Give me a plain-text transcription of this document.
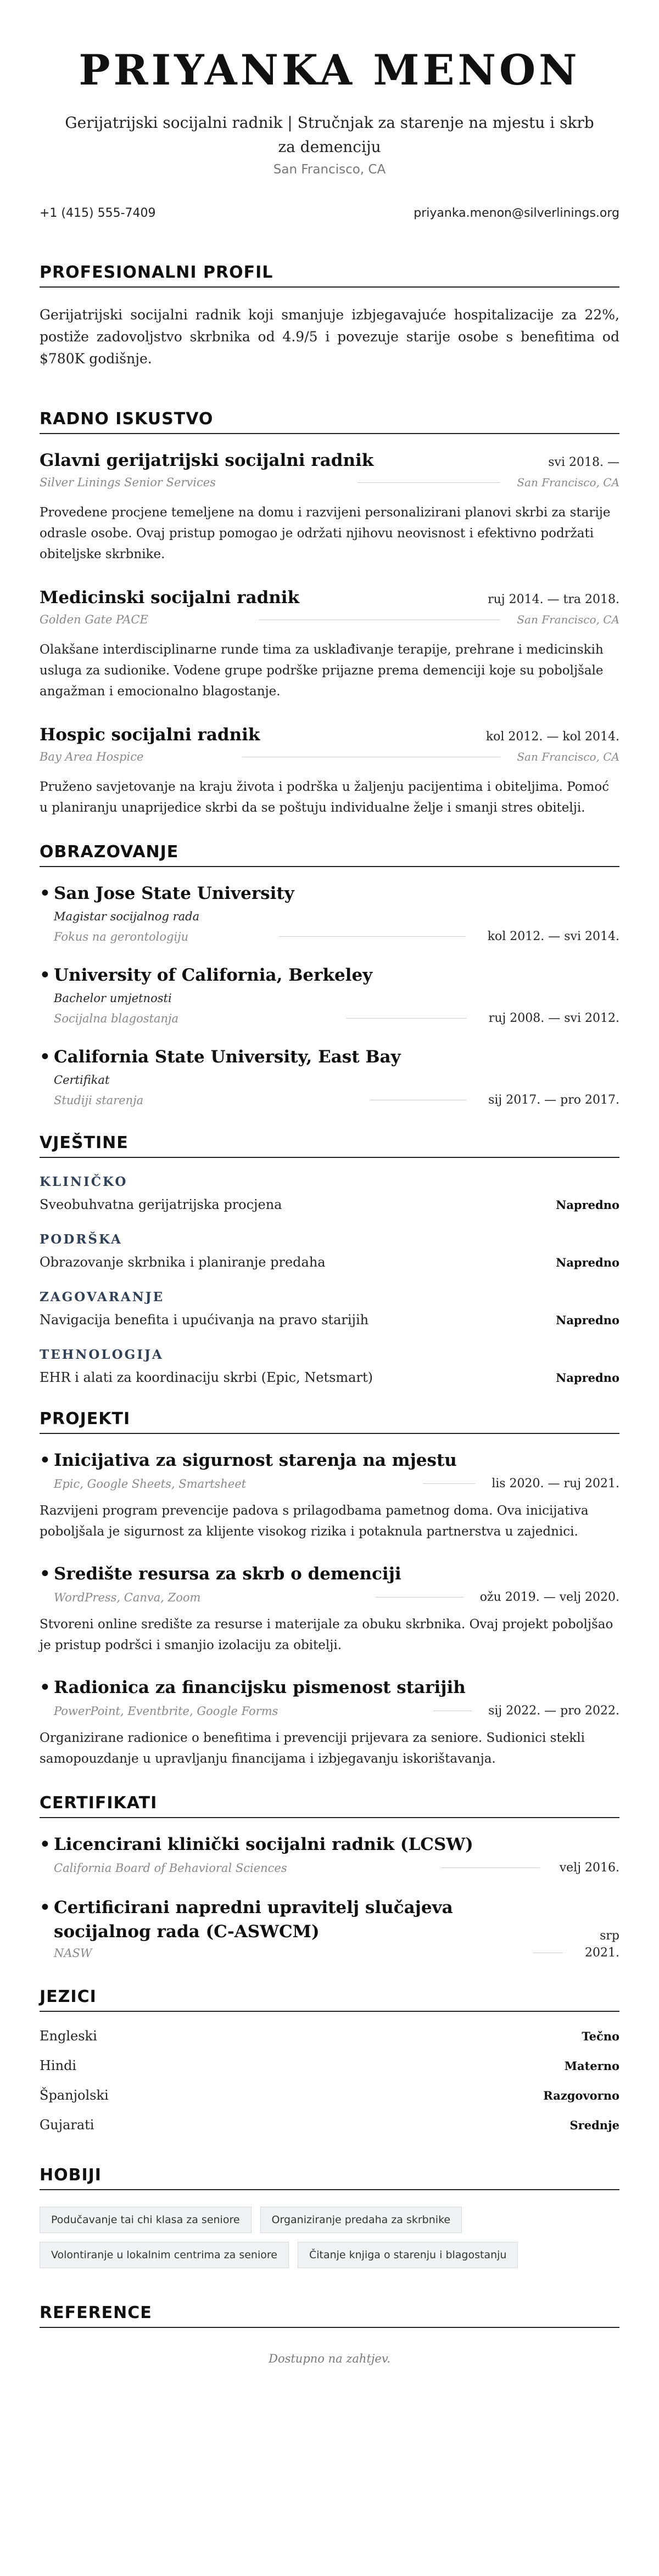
PRIYANKA MENON
Gerijatrijski socijalni radnik | Stručnjak za starenje na mjestu i skrb za demenciju
San Francisco, CA
+1 (415) 555-7409	priyanka.menon@silverlinings.org
PROFESIONALNI PROFIL
Gerijatrijski socijalni radnik koji smanjuje izbjegavajuće hospitalizacije za 22%, postiže zadovoljstvo skrbnika od 4.9/5 i povezuje starije osobe s benefitima od $780K godišnje.
RADNO ISKUSTVO
Glavni gerijatrijski socijalni radnik	svi 2018. —
Silver Linings Senior Services	San Francisco, CA
Provedene procjene temeljene na domu i razvijeni personalizirani planovi skrbi za starije odrasle osobe. Ovaj pristup pomogao je održati njihovu neovisnost i efektivno podržati obiteljske skrbnike.
Medicinski socijalni radnik	ruj 2014. — tra 2018.
Golden Gate PACE	San Francisco, CA
Olakšane interdisciplinarne runde tima za usklađivanje terapije, prehrane i medicinskih usluga za sudionike. Vodene grupe podrške prijazne prema demenciji koje su poboljšale angažman i emocionalno blagostanje.
Hospic socijalni radnik	kol 2012. — kol 2014.
Bay Area Hospice	San Francisco, CA
Pruženo savjetovanje na kraju života i podrška u žaljenju pacijentima i obiteljima. Pomoć u planiranju unaprijedice skrbi da se poštuju individualne želje i smanji stres obitelji.
OBRAZOVANJE
• San Jose State University
Magistar socijalnog rada
Fokus na gerontologiju	kol 2012. — svi 2014.
• University of California, Berkeley
Bachelor umjetnosti
Socijalna blagostanja	ruj 2008. — svi 2012.
• California State University, East Bay
Certifikat
Studiji starenja	sij 2017. — pro 2017.
VJEŠTINE
KLINIČKO
Sveobuhvatna gerijatrijska procjena	Napredno
PODRŠKA
Obrazovanje skrbnika i planiranje predaha	Napredno
ZAGOVARANJE
Navigacija benefita i upućivanja na pravo starijih	Napredno
TEHNOLOGIJA
EHR i alati za koordinaciju skrbi (Epic, Netsmart)	Napredno
PROJEKTI
• Inicijativa za sigurnost starenja na mjestu
Epic, Google Sheets, Smartsheet	lis 2020. — ruj 2021.
Razvijeni program prevencije padova s prilagodbama pametnog doma. Ova inicijativa poboljšala je sigurnost za klijente visokog rizika i potaknula partnerstva u zajednici.
• Središte resursa za skrb o demenciji
WordPress, Canva, Zoom	ožu 2019. — velj 2020.
Stvoreni online središte za resurse i materijale za obuku skrbnika. Ovaj projekt poboljšao je pristup podršci i smanjio izolaciju za obitelji.
• Radionica za financijsku pismenost starijih
PowerPoint, Eventbrite, Google Forms	sij 2022. — pro 2022.
Organizirane radionice o benefitima i prevenciji prijevara za seniore. Sudionici stekli samopouzdanje u upravljanju financijama i izbjegavanju iskorištavanja.
CERTIFIKATI
• Licencirani klinički socijalni radnik (LCSW)
California Board of Behavioral Sciences	velj 2016.
• Certificirani napredni upravitelj slučajeva socijalnog rada (C-ASWCM)	srp
NASW	2021.
JEZICI
Engleski	Tečno
Hindi	Materno
Španjolski	Razgovorno
Gujarati	Srednje
HOBIJI
Podučavanje tai chi klasa za seniore	Organiziranje predaha za skrbnike
Volontiranje u lokalnim centrima za seniore	Čitanje knjiga o starenju i blagostanju
REFERENCE
Dostupno na zahtjev.
